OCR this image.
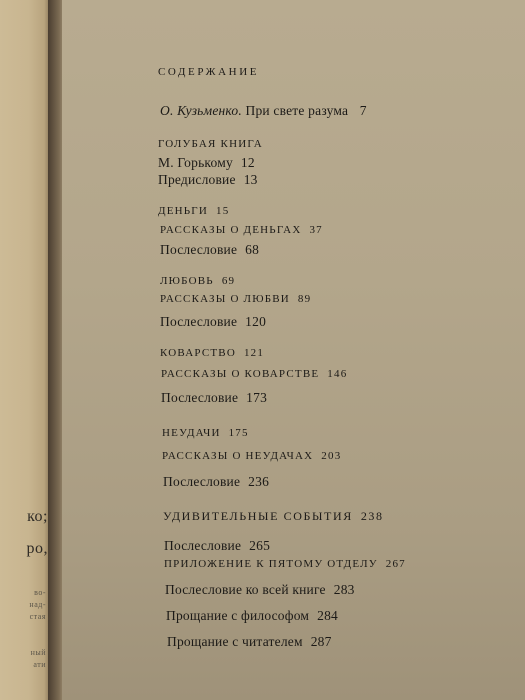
ко;
ро,
во-
над-
стая
ный
ати
СОДЕРЖАНИЕ
О. Кузьменко. При свете разума 7
ГОЛУБАЯ КНИГА
М. Горькому 12
Предисловие 13
ДЕНЬГИ 15
РАССКАЗЫ О ДЕНЬГАХ 37
Послесловие 68
ЛЮБОВЬ 69
РАССКАЗЫ О ЛЮБВИ 89
Послесловие 120
КОВАРСТВО 121
РАССКАЗЫ О КОВАРСТВЕ 146
Послесловие 173
НЕУДАЧИ 175
РАССКАЗЫ О НЕУДАЧАХ 203
Послесловие 236
УДИВИТЕЛЬНЫЕ СОБЫТИЯ 238
Послесловие 265
ПРИЛОЖЕНИЕ К ПЯТОМУ ОТДЕЛУ 267
Послесловие ко всей книге 283
Прощание с философом 284
Прощание с читателем 287
